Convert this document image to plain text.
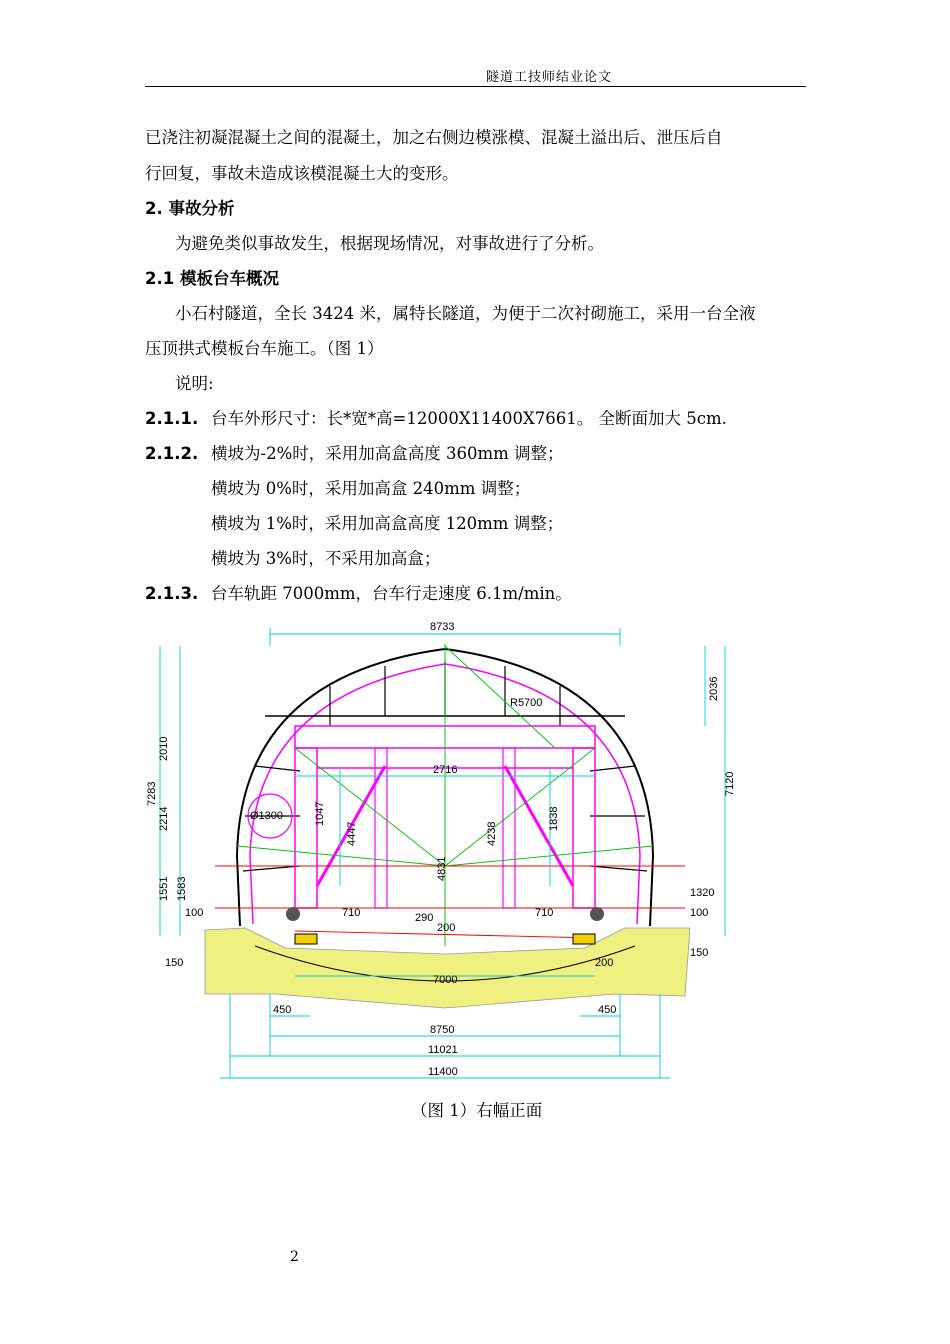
隧道工技师结业论文
已浇注初凝混凝土之间的混凝土，加之右侧边模涨模、混凝土溢出后、泄压后自
行回复，事故未造成该模混凝土大的变形。
2. 事故分析
为避免类似事故发生，根据现场情况，对事故进行了分析。
2.1 模板台车概况
小石村隧道，全长 3424 米，属特长隧道，为便于二次衬砌施工，采用一台全液
压顶拱式模板台车施工。（图 1）
说明:
2.1.1. 台车外形尺寸：长*宽*高=12000X11400X7661。 全断面加大 5cm.
2.1.2. 横坡为-2%时，采用加高盒高度 360mm 调整；
横坡为 0%时，采用加高盒 240mm 调整；
横坡为 1%时，采用加高盒高度 120mm 调整；
横坡为 3%时，不采用加高盒；
2.1.3. 台车轨距 7000mm，台车行走速度 6.1m/min。
8733
2716
7000
8750
11021
11400
450	450
Ø1300
710	710
290
200
200
1320
100
150
100
150
R5700
1047
4447	4238
4831
1838
2010
7283
2214
1551 1583
2036
7120
（图 1）右幅正面
2
